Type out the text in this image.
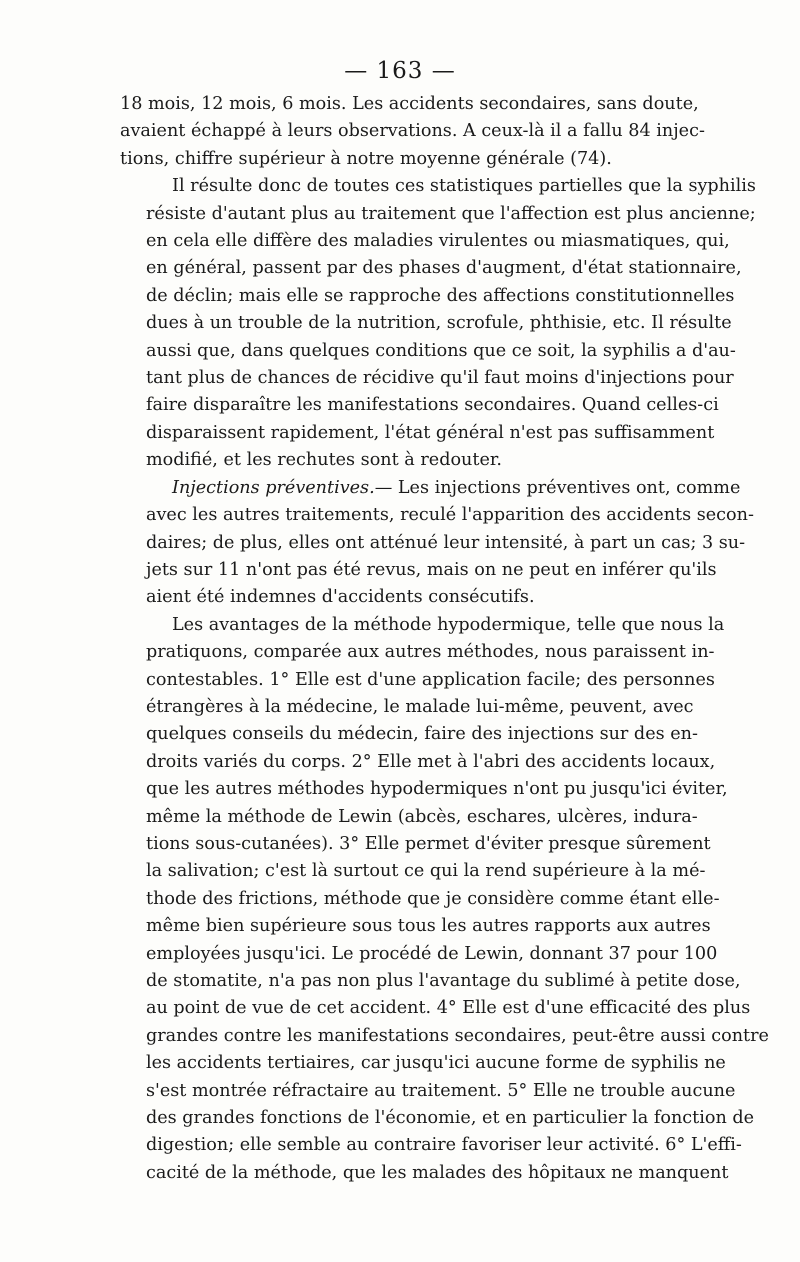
— 163 —
18 mois, 12 mois, 6 mois. Les accidents secondaires, sans doute,
avaient échappé à leurs observations. A ceux-là il a fallu 84 injec-
tions, chiffre supérieur à notre moyenne générale (74).
Il résulte donc de toutes ces statistiques partielles que la syphilis
résiste d'autant plus au traitement que l'affection est plus ancienne;
en cela elle diffère des maladies virulentes ou miasmatiques, qui,
en général, passent par des phases d'augment, d'état stationnaire,
de déclin; mais elle se rapproche des affections constitutionnelles
dues à un trouble de la nutrition, scrofule, phthisie, etc. Il résulte
aussi que, dans quelques conditions que ce soit, la syphilis a d'au-
tant plus de chances de récidive qu'il faut moins d'injections pour
faire disparaître les manifestations secondaires. Quand celles-ci
disparaissent rapidement, l'état général n'est pas suffisamment
modifié, et les rechutes sont à redouter.
Injections préventives.— Les injections préventives ont, comme
avec les autres traitements, reculé l'apparition des accidents secon-
daires; de plus, elles ont atténué leur intensité, à part un cas; 3 su-
jets sur 11 n'ont pas été revus, mais on ne peut en inférer qu'ils
aient été indemnes d'accidents consécutifs.
Les avantages de la méthode hypodermique, telle que nous la
pratiquons, comparée aux autres méthodes, nous paraissent in-
contestables. 1° Elle est d'une application facile; des personnes
étrangères à la médecine, le malade lui-même, peuvent, avec
quelques conseils du médecin, faire des injections sur des en-
droits variés du corps. 2° Elle met à l'abri des accidents locaux,
que les autres méthodes hypodermiques n'ont pu jusqu'ici éviter,
même la méthode de Lewin (abcès, eschares, ulcères, indura-
tions sous-cutanées). 3° Elle permet d'éviter presque sûrement
la salivation; c'est là surtout ce qui la rend supérieure à la mé-
thode des frictions, méthode que je considère comme étant elle-
même bien supérieure sous tous les autres rapports aux autres
employées jusqu'ici. Le procédé de Lewin, donnant 37 pour 100
de stomatite, n'a pas non plus l'avantage du sublimé à petite dose,
au point de vue de cet accident. 4° Elle est d'une efficacité des plus
grandes contre les manifestations secondaires, peut-être aussi contre
les accidents tertiaires, car jusqu'ici aucune forme de syphilis ne
s'est montrée réfractaire au traitement. 5° Elle ne trouble aucune
des grandes fonctions de l'économie, et en particulier la fonction de
digestion; elle semble au contraire favoriser leur activité. 6° L'effi-
cacité de la méthode, que les malades des hôpitaux ne manquent
